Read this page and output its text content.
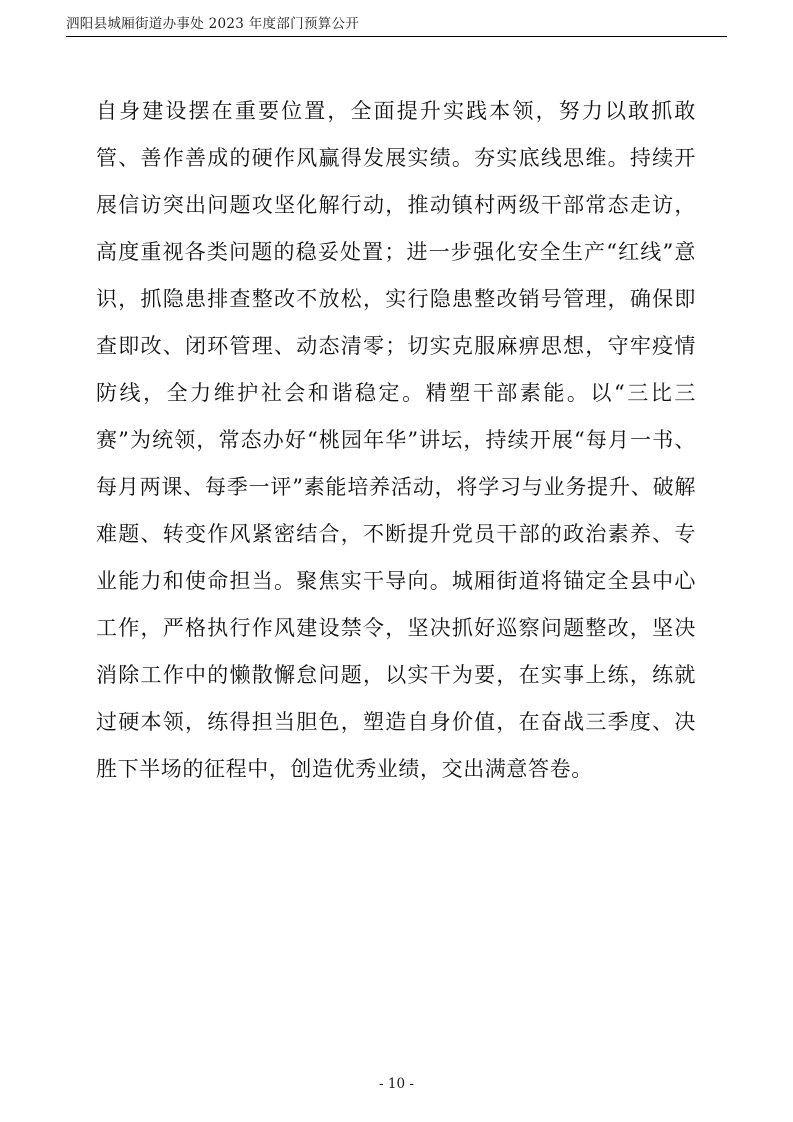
泗阳县城厢街道办事处 2023 年度部门预算公开
自身建设摆在重要位置，全面提升实践本领，努力以敢抓敢管、善作善成的硬作风赢得发展实绩。夯实底线思维。持续开展信访突出问题攻坚化解行动，推动镇村两级干部常态走访，高度重视各类问题的稳妥处置；进一步强化安全生产“红线”意识，抓隐患排查整改不放松，实行隐患整改销号管理，确保即查即改、闭环管理、动态清零；切实克服麻痹思想，守牢疫情防线，全力维护社会和谐稳定。精塑干部素能。以“三比三赛”为统领，常态办好“桃园年华”讲坛，持续开展“每月一书、每月两课、每季一评”素能培养活动，将学习与业务提升、破解难题、转变作风紧密结合，不断提升党员干部的政治素养、专业能力和使命担当。聚焦实干导向。城厢街道将锚定全县中心工作，严格执行作风建设禁令，坚决抓好巡察问题整改，坚决消除工作中的懒散懈怠问题，以实干为要，在实事上练，练就过硬本领，练得担当胆色，塑造自身价值，在奋战三季度、决胜下半场的征程中，创造优秀业绩，交出满意答卷。
- 10 -
